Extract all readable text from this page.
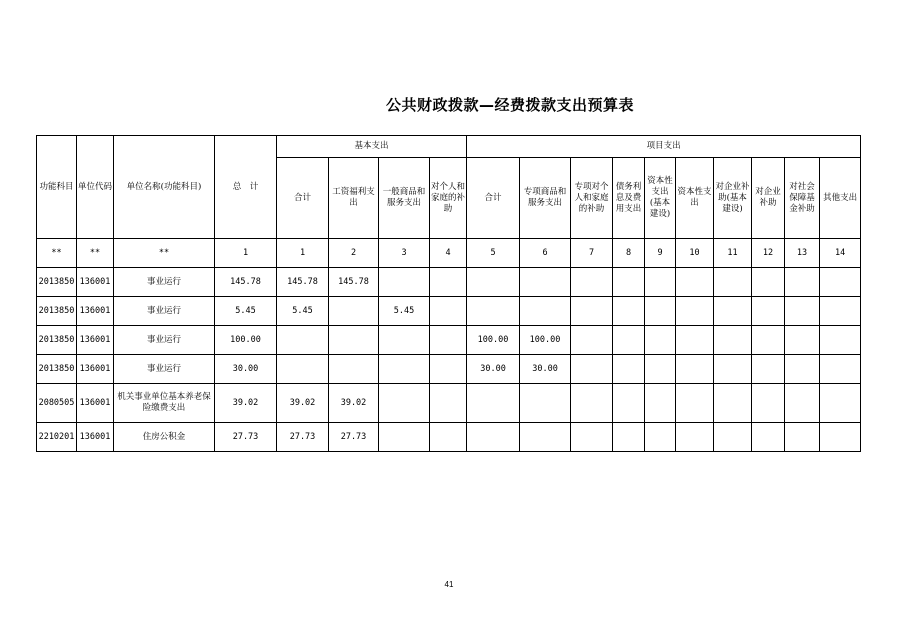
公共财政拨款—经费拨款支出预算表
功能科目	单位代码	单位名称(功能科目)	总　计	基本支出				项目支出									
				合计	工资福利支出	一般商品和服务支出	对个人和家庭的补助	合计	专项商品和服务支出	专项对个人和家庭的补助	债务利息及费用支出	资本性支出(基本建设)	资本性支出	对企业补助(基本建设)	对企业补助	对社会保障基金补助	其他支出
**	**	**	1	1	2	3	4	5	6	7	8	9	10	11	12	13	14
2013850	136001	事业运行	145.78	145.78	145.78												
2013850	136001	事业运行	5.45	5.45		5.45											
2013850	136001	事业运行	100.00					100.00	100.00								
2013850	136001	事业运行	30.00					30.00	30.00								
2080505	136001	机关事业单位基本养老保险缴费支出	39.02	39.02	39.02												
2210201	136001	住房公积金	27.73	27.73	27.73												
41
